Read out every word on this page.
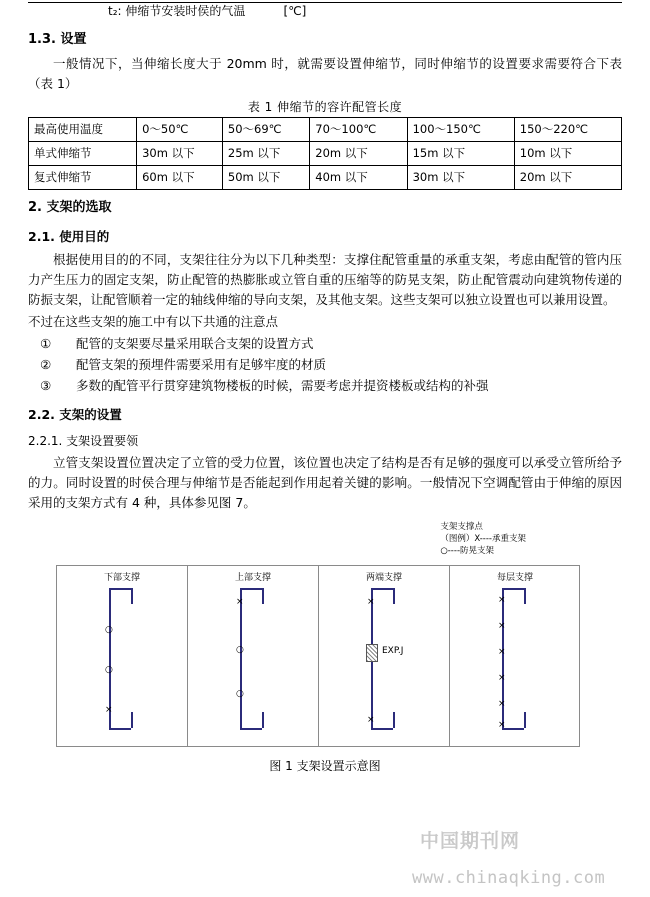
t₂: 伸缩节安装时侯的气温          [℃]
1.3. 设置

一般情况下，当伸缩长度大于 20mm 时，就需要设置伸缩节，同时伸缩节的设置要求需要符合下表（表 1）

表 1 伸缩节的容许配管长度
最高使用温度	0～50℃	50～69℃	70～100℃	100～150℃	150～220℃
单式伸缩节	30m 以下	25m 以下	20m 以下	15m 以下	10m 以下
复式伸缩节	60m 以下	50m 以下	40m 以下	30m 以下	20m 以下
2. 支架的选取
2.1. 使用目的

根据使用目的的不同，支架往往分为以下几种类型：支撑住配管重量的承重支架，考虑由配管的管内压力产生压力的固定支架，防止配管的热膨胀或立管自重的压缩等的防晃支架，防止配管震动向建筑物传递的防振支架，让配管顺着一定的轴线伸缩的导向支架，及其他支架。这些支架可以独立设置也可以兼用设置。

不过在这些支架的施工中有以下共通的注意点

① 配管的支架要尽量采用联合支架的设置方式
② 配管支架的预埋件需要采用有足够牢度的材质
③ 多数的配管平行贯穿建筑物楼板的时候，需要考虑并提资楼板或结构的补强
2.2. 支架的设置
2.2.1. 支架设置要领

立管支架设置位置决定了立管的受力位置，该位置也决定了结构是否有足够的强度可以承受立管所给予的力。同时设置的时侯合理与伸缩节是否能起到作用起着关键的影响。一般情况下空调配管由于伸缩的原因采用的支架方式有 4 种，具体参见图 7。

支架支撑点
（图例）X----承重支架
○----防晃支架
下部支撑	上部支撑	两端支撑	每层支撑
×
○
○
×
○
○
×
×
EXP.J
×
×
×
×
×
×
图 1 支架设置示意图
中国期刊网
www.chinaqking.com
